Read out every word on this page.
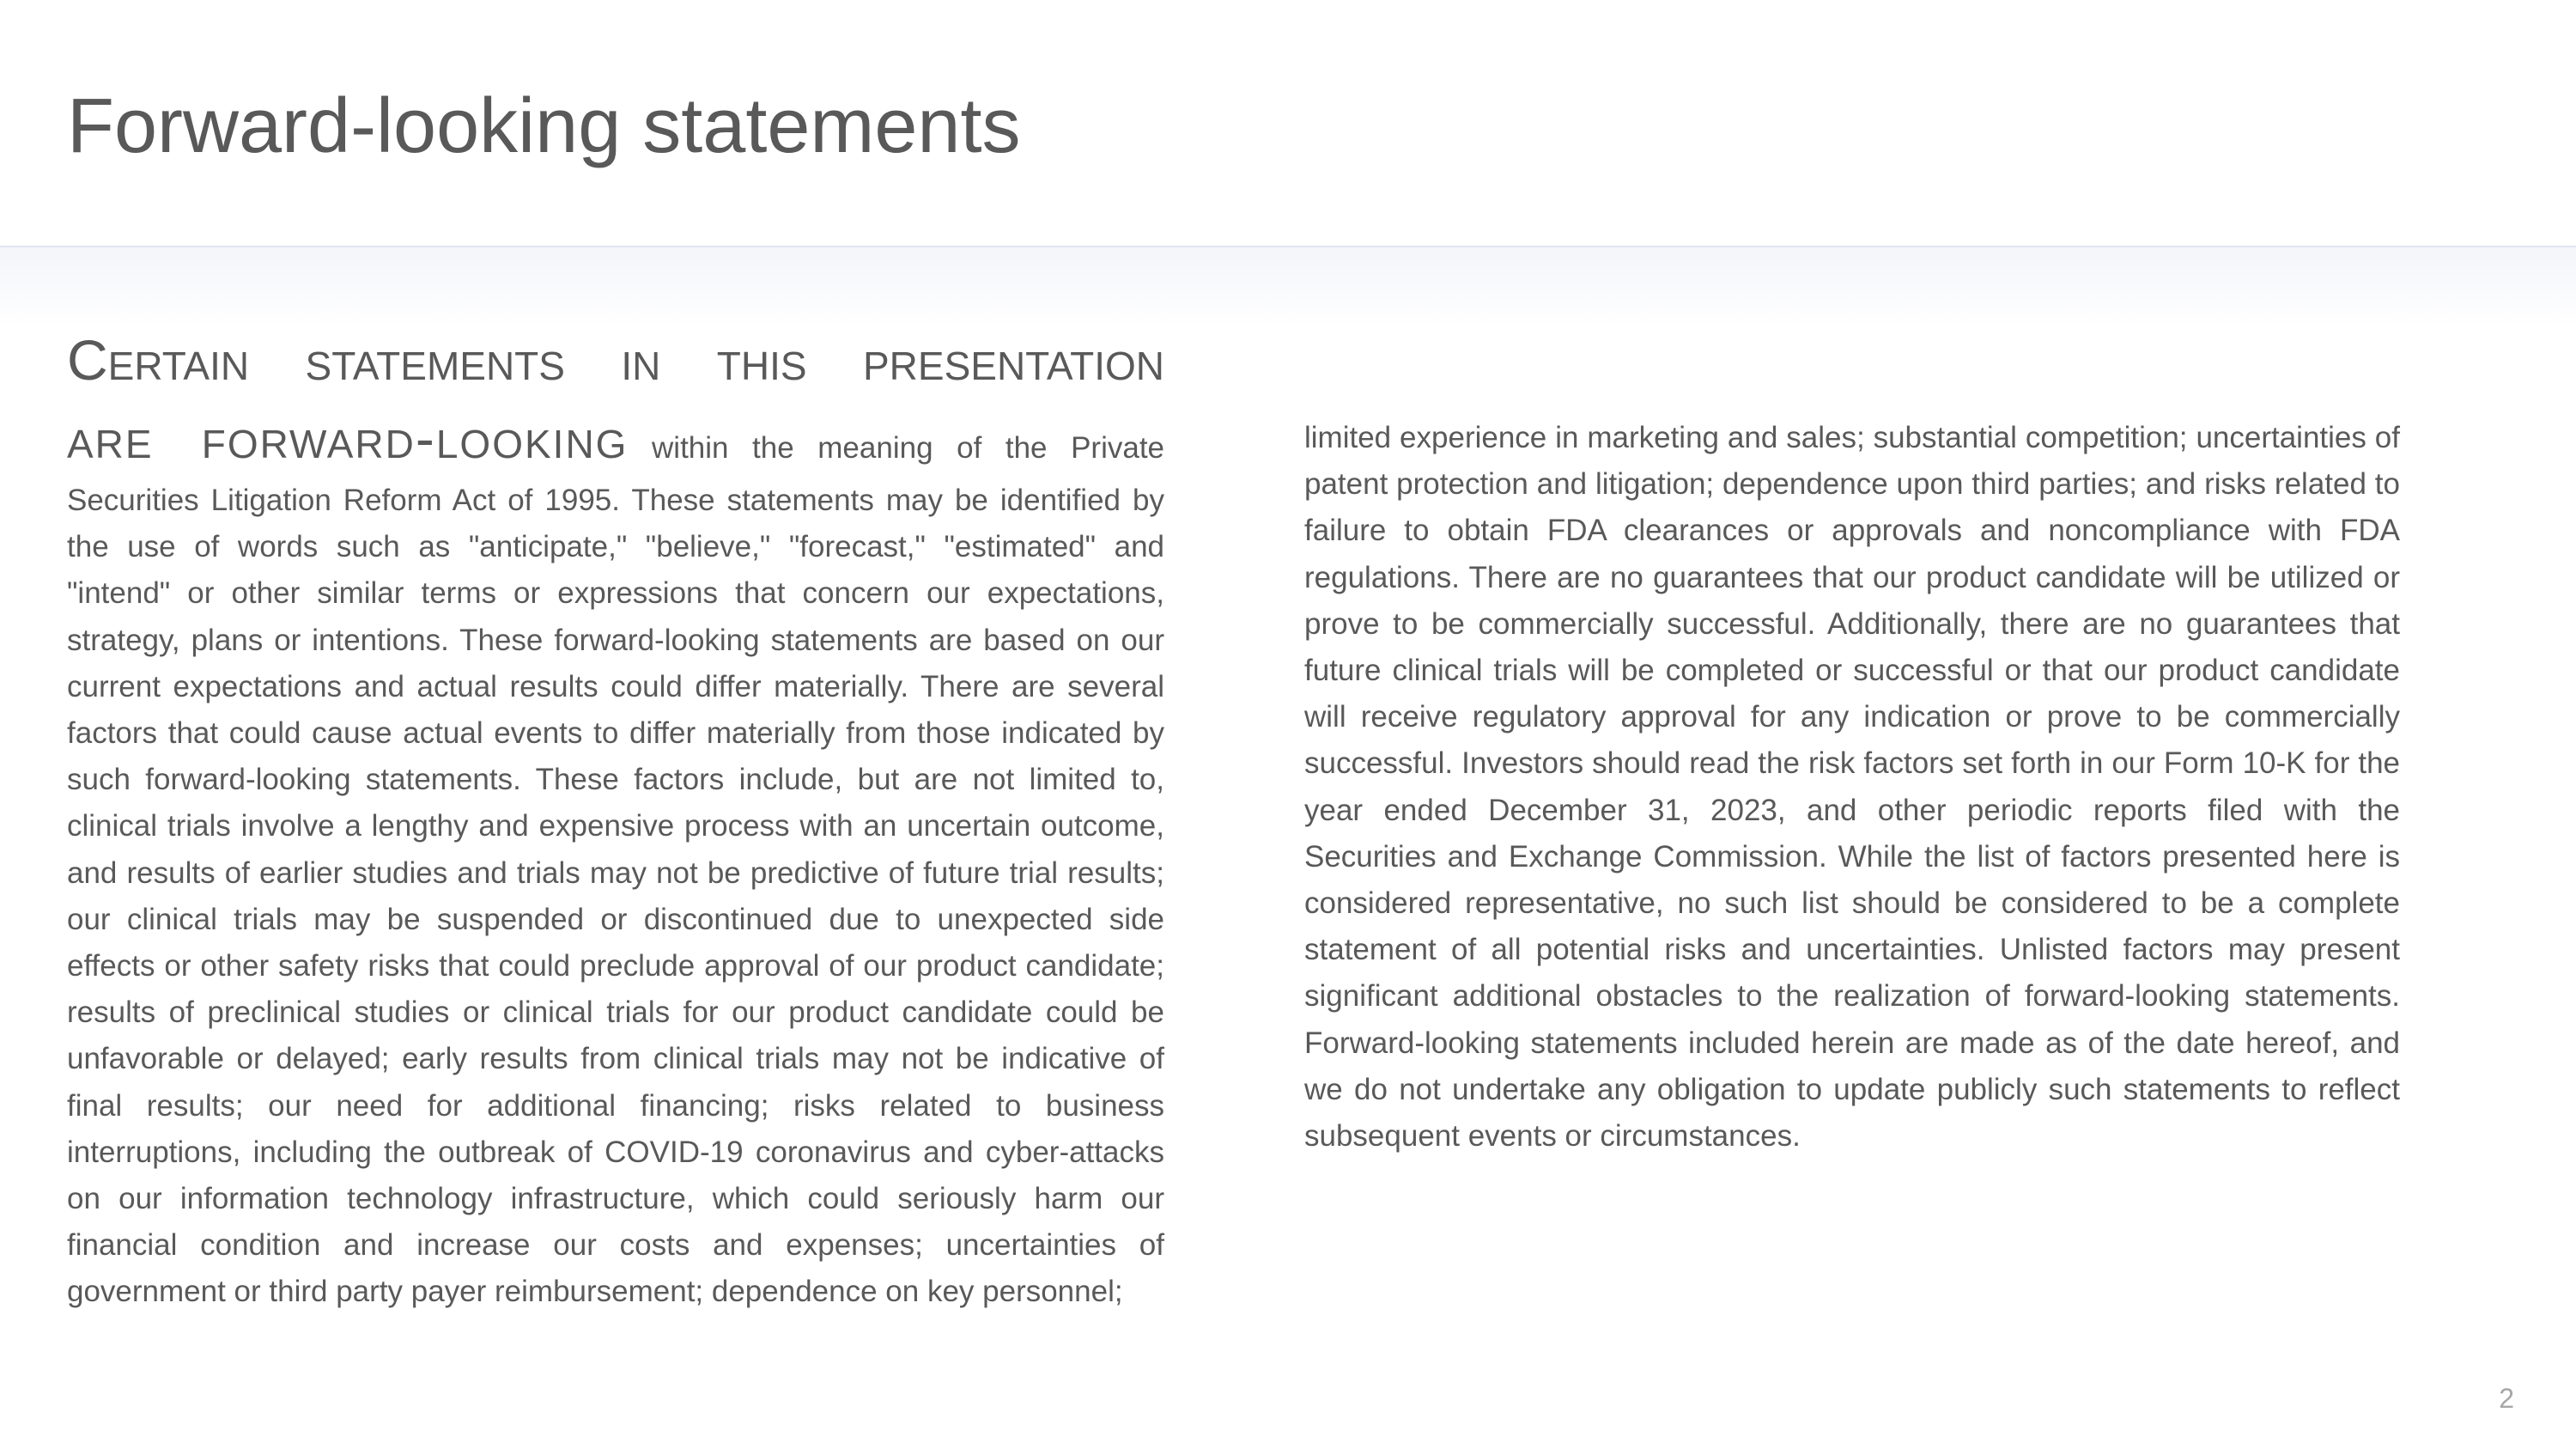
Forward-looking statements
Certain statements in this presentation
are forward-looking within the meaning of the Private Securities Litigation Reform Act of 1995. These statements may be identified by the use of words such as "anticipate," "believe," "forecast," "estimated" and "intend" or other similar terms or expressions that concern our expectations, strategy, plans or intentions. These forward-looking statements are based on our current expectations and actual results could differ materially. There are several factors that could cause actual events to differ materially from those indicated by such forward-looking statements. These factors include, but are not limited to, clinical trials involve a lengthy and expensive process with an uncertain outcome, and results of earlier studies and trials may not be predictive of future trial results; our clinical trials may be suspended or discontinued due to unexpected side effects or other safety risks that could preclude approval of our product candidate; results of preclinical studies or clinical trials for our product candidate could be unfavorable or delayed; early results from clinical trials may not be indicative of final results; our need for additional financing; risks related to business interruptions, including the outbreak of COVID-19 coronavirus and cyber-attacks on our information technology infrastructure, which could seriously harm our financial condition and increase our costs and expenses; uncertainties of government or third party payer reimbursement; dependence on key personnel;
limited experience in marketing and sales; substantial competition; uncertainties of patent protection and litigation; dependence upon third parties; and risks related to failure to obtain FDA clearances or approvals and noncompliance with FDA regulations. There are no guarantees that our product candidate will be utilized or prove to be commercially successful. Additionally, there are no guarantees that future clinical trials will be completed or successful or that our product candidate will receive regulatory approval for any indication or prove to be commercially successful. Investors should read the risk factors set forth in our Form 10-K for the year ended December 31, 2023, and other periodic reports filed with the Securities and Exchange Commission. While the list of factors presented here is considered representative, no such list should be considered to be a complete statement of all potential risks and uncertainties. Unlisted factors may present significant additional obstacles to the realization of forward-looking statements. Forward-looking statements included herein are made as of the date hereof, and we do not undertake any obligation to update publicly such statements to reflect subsequent events or circumstances.
2
